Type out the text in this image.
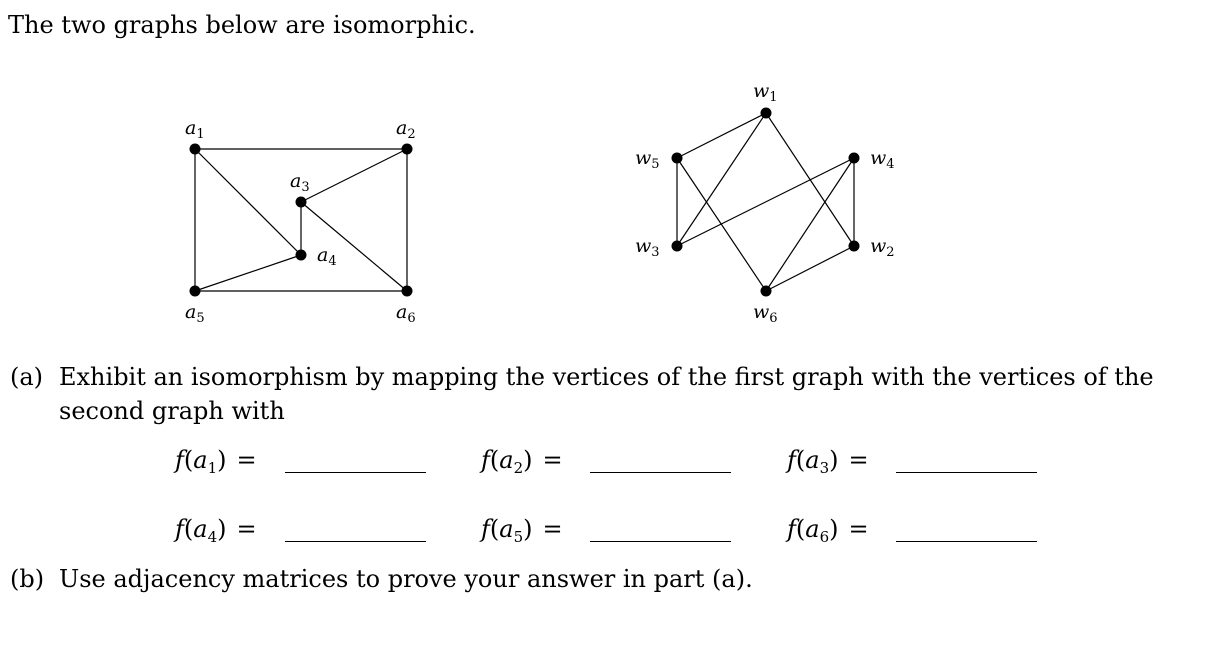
The two graphs below are isomorphic.
$a_1$	$a_2$
$a_3$
$a_4$
$a_5$	$a_6$
$w_1$
$w_2$
$w_3$
$w_4$
$w_5$
$w_6$
(a) Exhibit an isomorphism by mapping the vertices of the first graph with the vertices of the second graph with
$f(a_1)$ =	$f(a_2)$ =	$f(a_3)$ =
$f(a_4)$ =	$f(a_5)$ =	$f(a_6)$ =
(b) Use adjacency matrices to prove your answer in part (a).
